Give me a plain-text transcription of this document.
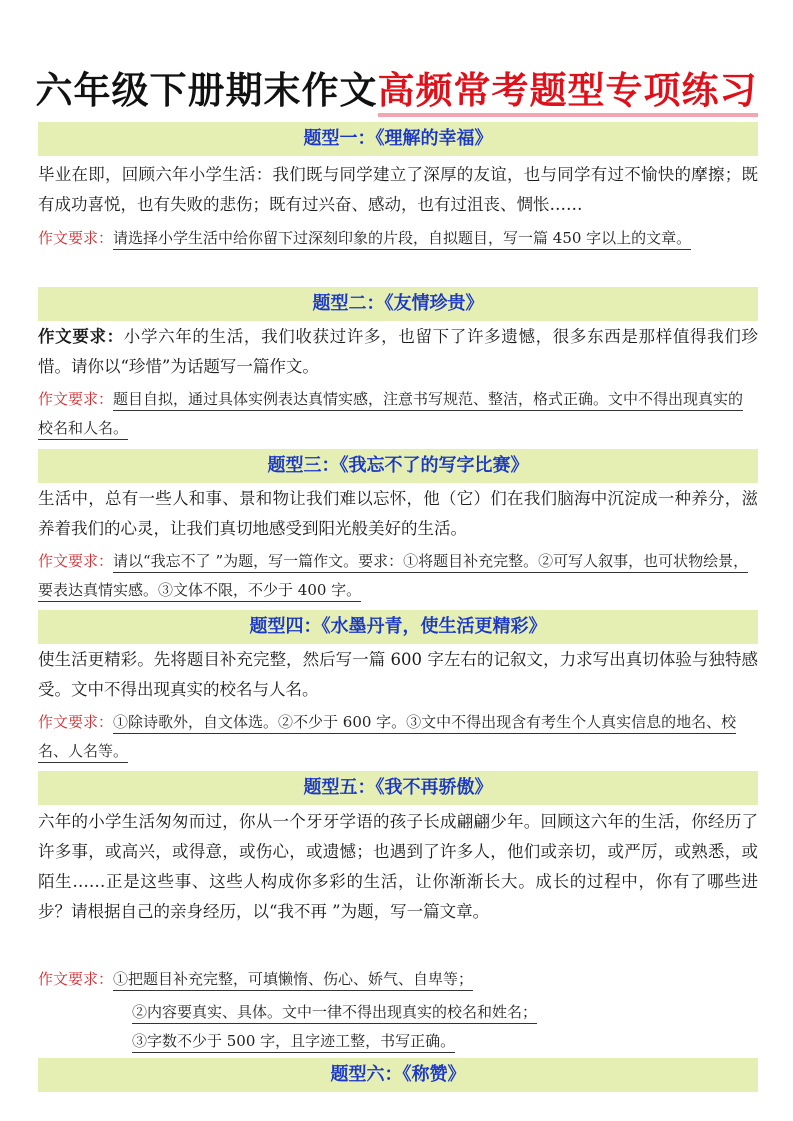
六年级下册期末作文高频常考题型专项练习
题型一：《理解的幸福》
毕业在即，回顾六年小学生活：我们既与同学建立了深厚的友谊，也与同学有过不愉快的摩擦；既有成功喜悦，也有失败的悲伤；既有过兴奋、感动，也有过沮丧、惆怅……
作文要求：请选择小学生活中给你留下过深刻印象的片段，自拟题目，写一篇 450 字以上的文章。
题型二：《友情珍贵》
作文要求：小学六年的生活，我们收获过许多，也留下了许多遗憾，很多东西是那样值得我们珍惜。请你以“珍惜”为话题写一篇作文。
作文要求：题目自拟，通过具体实例表达真情实感，注意书写规范、整洁，格式正确。文中不得出现真实的校名和人名。
题型三：《我忘不了的写字比赛》
生活中，总有一些人和事、景和物让我们难以忘怀，他（它）们在我们脑海中沉淀成一种养分，滋养着我们的心灵，让我们真切地感受到阳光般美好的生活。
作文要求：请以“我忘不了 ”为题，写一篇作文。要求：①将题目补充完整。②可写人叙事，也可状物绘景，要表达真情实感。③文体不限，不少于 400 字。
题型四：《水墨丹青，使生活更精彩》
使生活更精彩。先将题目补充完整，然后写一篇 600 字左右的记叙文，力求写出真切体验与独特感受。文中不得出现真实的校名与人名。
作文要求：①除诗歌外，自文体选。②不少于 600 字。③文中不得出现含有考生个人真实信息的地名、校名、人名等。
题型五：《我不再骄傲》
六年的小学生活匆匆而过，你从一个牙牙学语的孩子长成翩翩少年。回顾这六年的生活，你经历了许多事，或高兴，或得意，或伤心，或遗憾；也遇到了许多人，他们或亲切，或严厉，或熟悉，或陌生……正是这些事、这些人构成你多彩的生活，让你渐渐长大。成长的过程中，你有了哪些进步？请根据自己的亲身经历，以“我不再 ”为题，写一篇文章。
作文要求：①把题目补充完整，可填懒惰、伤心、娇气、自卑等；
②内容要真实、具体。文中一律不得出现真实的校名和姓名；
③字数不少于 500 字，且字迹工整，书写正确。
题型六：《称赞》
